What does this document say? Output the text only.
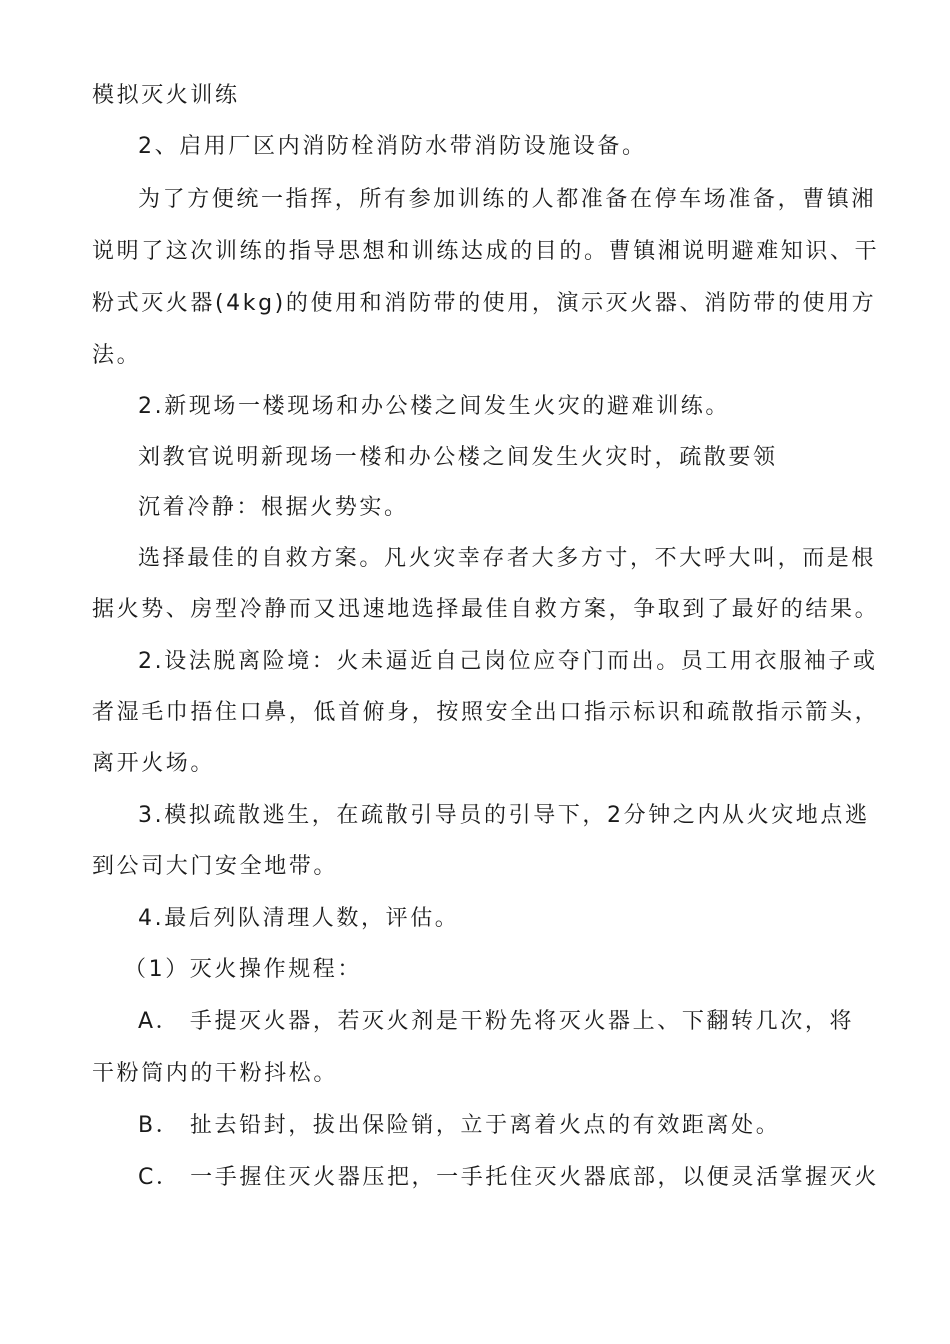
模拟灭火训练
2、启用厂区内消防栓消防水带消防设施设备。
为了方便统一指挥，所有参加训练的人都准备在停车场准备，曹镇湘
说明了这次训练的指导思想和训练达成的目的。曹镇湘说明避难知识、干
粉式灭火器(4kg)的使用和消防带的使用，演示灭火器、消防带的使用方
法。
2.新现场一楼现场和办公楼之间发生火灾的避难训练。
刘教官说明新现场一楼和办公楼之间发生火灾时，疏散要领
沉着冷静：根据火势实。
选择最佳的自救方案。凡火灾幸存者大多方寸，不大呼大叫，而是根
据火势、房型冷静而又迅速地选择最佳自救方案，争取到了最好的结果。
2.设法脱离险境：火未逼近自己岗位应夺门而出。员工用衣服袖子或
者湿毛巾捂住口鼻，低首俯身，按照安全出口指示标识和疏散指示箭头，
离开火场。
3.模拟疏散逃生，在疏散引导员的引导下，2分钟之内从火灾地点逃
到公司大门安全地带。
4.最后列队清理人数，评估。
（1）灭火操作规程：
A． 手提灭火器，若灭火剂是干粉先将灭火器上、下翻转几次，将
干粉筒内的干粉抖松。
B． 扯去铅封，拔出保险销，立于离着火点的有效距离处。
C． 一手握住灭火器压把，一手托住灭火器底部，以便灵活掌握灭火
